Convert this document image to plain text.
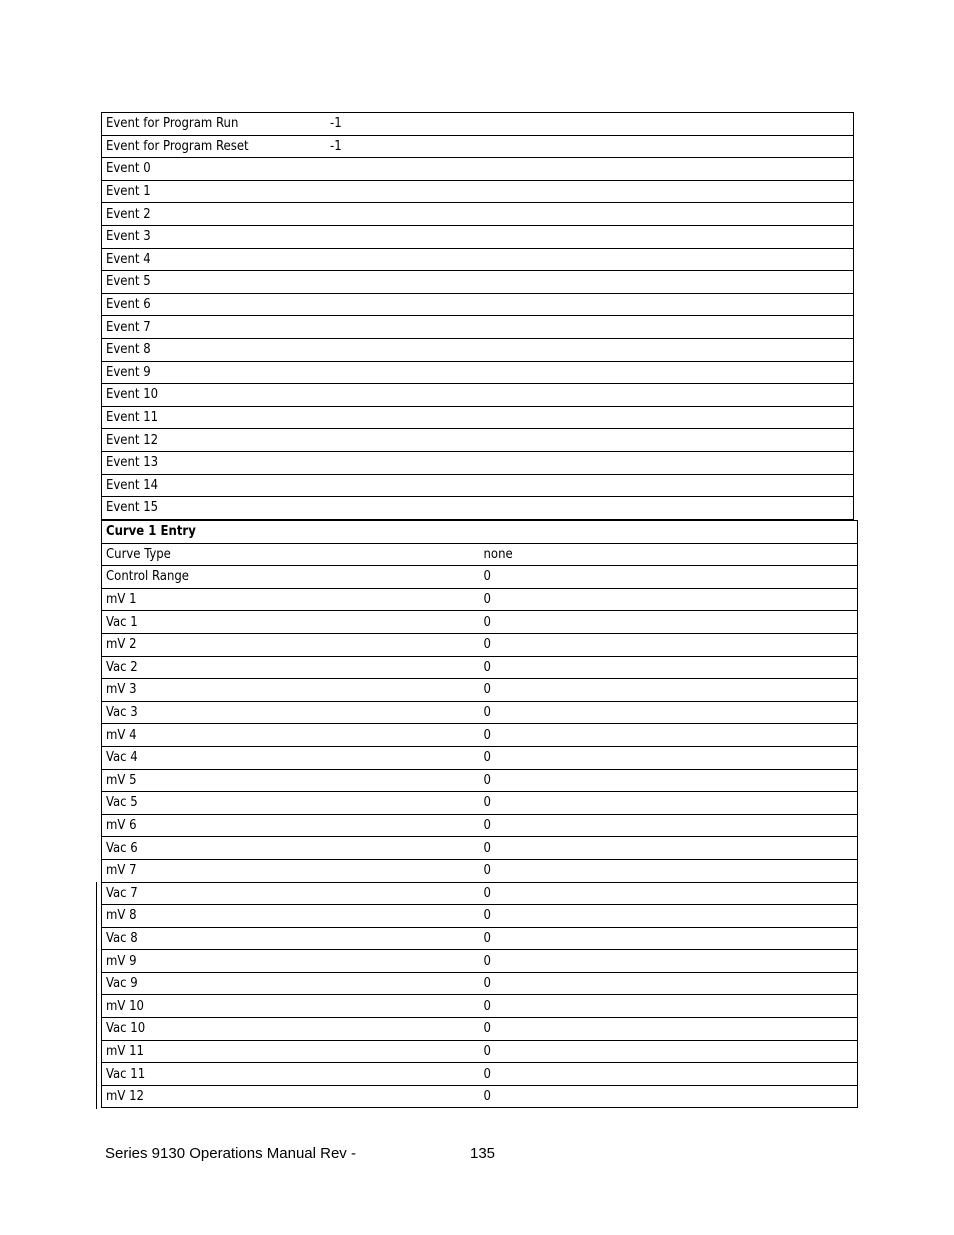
Event for Program Run	-1
Event for Program Reset	-1
Event 0	
Event 1	
Event 2	
Event 3	
Event 4	
Event 5	
Event 6	
Event 7	
Event 8	
Event 9	
Event 10	
Event 11	
Event 12	
Event 13	
Event 14	
Event 15	
Curve 1 Entry	
Curve Type	none
Control Range	0
mV 1	0
Vac 1	0
mV 2	0
Vac 2	0
mV 3	0
Vac 3	0
mV 4	0
Vac 4	0
mV 5	0
Vac 5	0
mV 6	0
Vac 6	0
mV 7	0
Vac 7	0
mV 8	0
Vac 8	0
mV 9	0
Vac 9	0
mV 10	0
Vac 10	0
mV 11	0
Vac 11	0
mV 12	0
Series 9130 Operations Manual Rev -	135
